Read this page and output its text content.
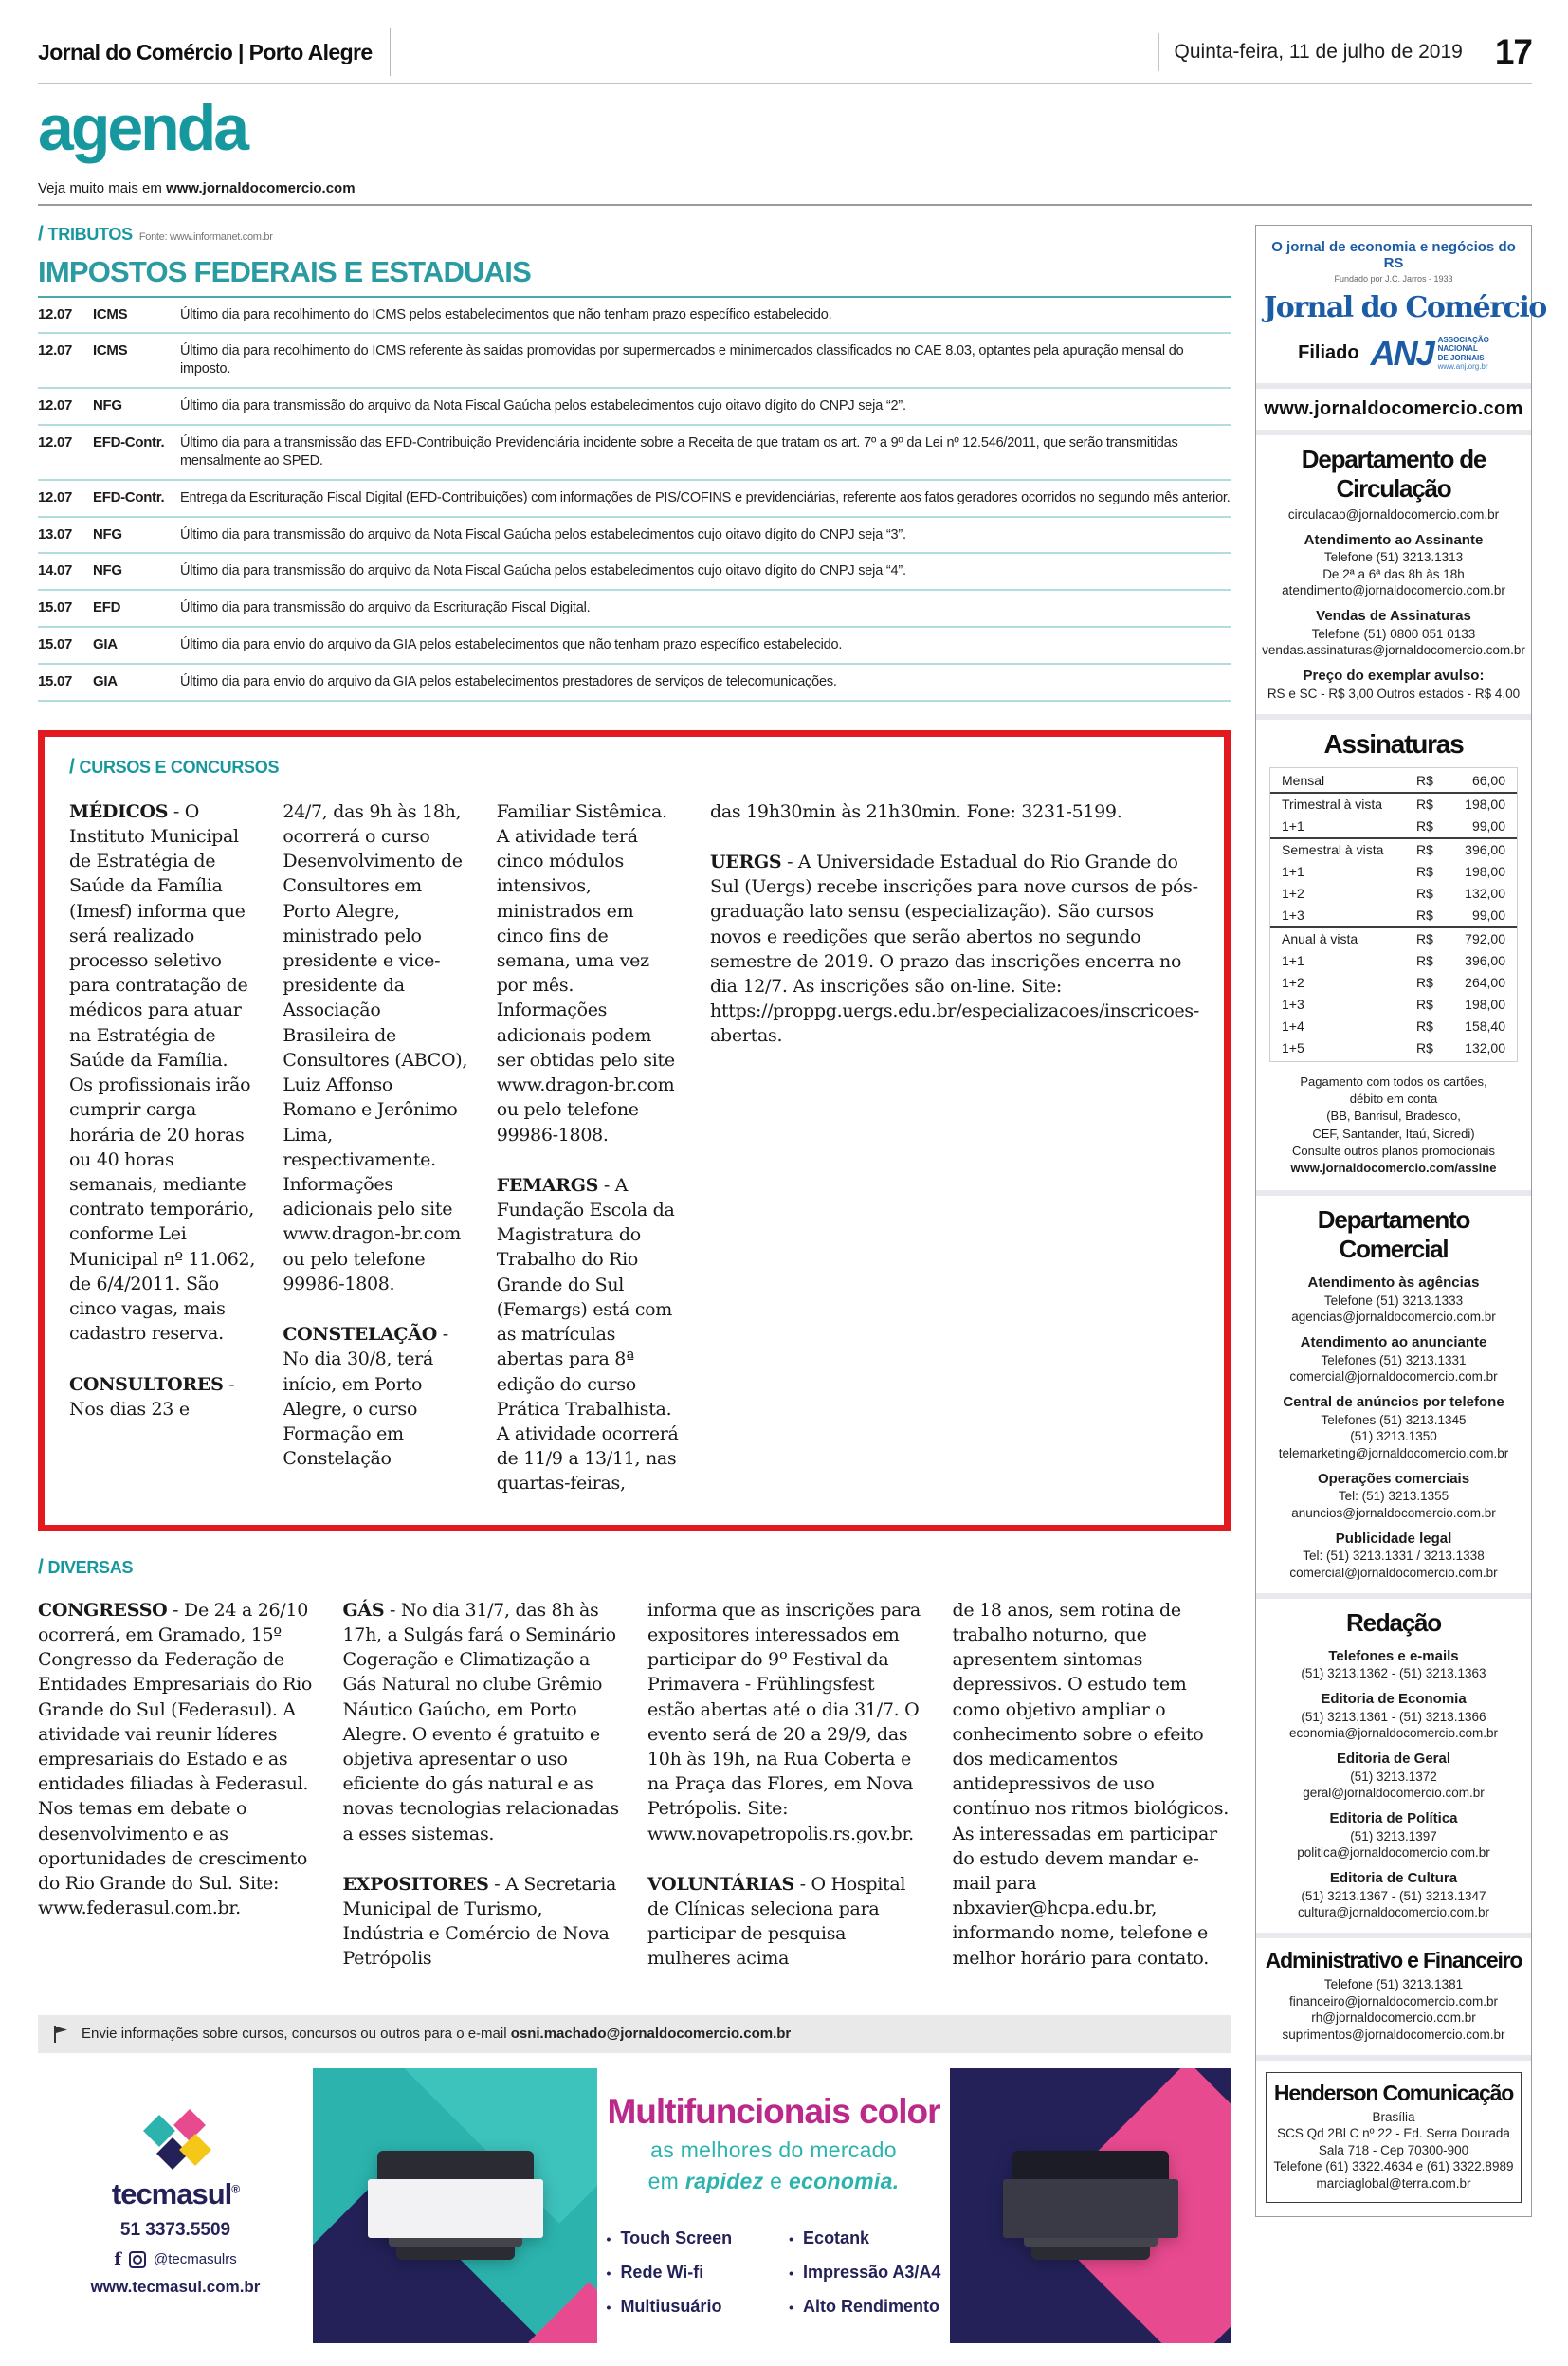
Jornal do Comércio | Porto Alegre	Quinta-feira, 11 de julho de 2019 17
agenda
Veja muito mais em www.jornaldocomercio.com
/ TRIBUTOS Fonte: www.informanet.com.br
IMPOSTOS FEDERAIS E ESTADUAIS
12.07	ICMS	Último dia para recolhimento do ICMS pelos estabelecimentos que não tenham prazo específico estabelecido.
12.07	ICMS	Último dia para recolhimento do ICMS referente às saídas promovidas por supermercados e minimercados classificados no CAE 8.03, optantes pela apuração mensal do imposto.
12.07	NFG	Último dia para transmissão do arquivo da Nota Fiscal Gaúcha pelos estabelecimentos cujo oitavo dígito do CNPJ seja “2”.
12.07	EFD-Contr.	Último dia para a transmissão das EFD-Contribuição Previdenciária incidente sobre a Receita de que tratam os art. 7º a 9º da Lei nº 12.546/2011, que serão transmitidas mensalmente ao SPED.
12.07	EFD-Contr.	Entrega da Escrituração Fiscal Digital (EFD-Contribuições) com informações de PIS/COFINS e previdenciárias, referente aos fatos geradores ocorridos no segundo mês anterior.
13.07	NFG	Último dia para transmissão do arquivo da Nota Fiscal Gaúcha pelos estabelecimentos cujo oitavo dígito do CNPJ seja “3”.
14.07	NFG	Último dia para transmissão do arquivo da Nota Fiscal Gaúcha pelos estabelecimentos cujo oitavo dígito do CNPJ seja “4”.
15.07	EFD	Último dia para transmissão do arquivo da Escrituração Fiscal Digital.
15.07	GIA	Último dia para envio do arquivo da GIA pelos estabelecimentos que não tenham prazo específico estabelecido.
15.07	GIA	Último dia para envio do arquivo da GIA pelos estabelecimentos prestadores de serviços de telecomunicações.
/ CURSOS E CONCURSOS

MÉDICOS - O Instituto Municipal de Estratégia de Saúde da Família (Imesf) informa que será realizado processo seletivo para contratação de médicos para atuar na Estratégia de Saúde da Família. Os profissionais irão cumprir carga horária de 20 horas ou 40 horas semanais, mediante contrato temporário, conforme Lei Municipal nº 11.062, de 6/4/2011. São cinco vagas, mais cadastro reserva.

CONSULTORES - Nos dias 23 e

24/7, das 9h às 18h, ocorrerá o curso Desenvolvimento de Consultores em Porto Alegre, ministrado pelo presidente e vice-presidente da Associação Brasileira de Consultores (ABCO), Luiz Affonso Romano e Jerônimo Lima, respectivamente. Informações adicionais pelo site www.dragon-br.com ou pelo telefone 99986-1808.

CONSTELAÇÃO - No dia 30/8, terá início, em Porto Alegre, o curso Formação em Constelação

Familiar Sistêmica. A atividade terá cinco módulos intensivos, ministrados em cinco fins de semana, uma vez por mês. Informações adicionais podem ser obtidas pelo site www.dragon-br.com ou pelo telefone 99986-1808.

FEMARGS - A Fundação Escola da Magistratura do Trabalho do Rio Grande do Sul (Femargs) está com as matrículas abertas para 8ª edição do curso Prática Trabalhista. A atividade ocorrerá de 11/9 a 13/11, nas quartas-feiras,

das 19h30min às 21h30min. Fone: 3231-5199.

UERGS - A Universidade Estadual do Rio Grande do Sul (Uergs) recebe inscrições para nove cursos de pós-graduação lato sensu (especialização). São cursos novos e reedições que serão abertos no segundo semestre de 2019. O prazo das inscrições encerra no dia 12/7. As inscrições são on-line. Site: https://proppg.uergs.edu.br/especializacoes/inscricoes-abertas.

/ DIVERSAS

CONGRESSO - De 24 a 26/10 ocorrerá, em Gramado, 15º Congresso da Federação de Entidades Empresariais do Rio Grande do Sul (Federasul). A atividade vai reunir líderes empresariais do Estado e as entidades filiadas à Federasul. Nos temas em debate o desenvolvimento e as oportunidades de crescimento do Rio Grande do Sul. Site: www.federasul.com.br.

GÁS - No dia 31/7, das 8h às 17h, a Sulgás fará o Seminário Cogeração e Climatização a Gás Natural no clube Grêmio Náutico Gaúcho, em Porto Alegre. O evento é gratuito e objetiva apresentar o uso eficiente do gás natural e as novas tecnologias relacionadas a esses sistemas.

EXPOSITORES - A Secretaria Municipal de Turismo, Indústria e Comércio de Nova Petrópolis

informa que as inscrições para expositores interessados em participar do 9º Festival da Primavera - Frühlingsfest estão abertas até o dia 31/7. O evento será de 20 a 29/9, das 10h às 19h, na Rua Coberta e na Praça das Flores, em Nova Petrópolis. Site: www.novapetropolis.rs.gov.br.

VOLUNTÁRIAS - O Hospital de Clínicas seleciona para participar de pesquisa mulheres acima

de 18 anos, sem rotina de trabalho noturno, que apresentem sintomas depressivos. O estudo tem como objetivo ampliar o conhecimento sobre o efeito dos medicamentos antidepressivos de uso contínuo nos ritmos biológicos. As interessadas em participar do estudo devem mandar e-mail para nbxavier@hcpa.edu.br, informando nome, telefone e melhor horário para contato.

Envie informações sobre cursos, concursos ou outros para o e-mail osni.machado@jornaldocomercio.com.br
tecmasul®
51 3373.5509
f @tecmasulrs
www.tecmasul.com.br
Multifuncionais color
as melhores do mercado
em rapidez e economia.
• Touch Screen
• Rede Wi-fi
• Multiusuário
• Ecotank
• Impressão A3/A4
• Alto Rendimento
O jornal de economia e negócios do RS
Fundado por J.C. Jarros - 1933
Jornal do Comércio
Filiado ANJ ASSOCIAÇÃO
NACIONAL
DE JORNAIS
www.anj.org.br
www.jornaldocomercio.com
Departamento de Circulação
circulacao@jornaldocomercio.com.br
Atendimento ao Assinante
Telefone (51) 3213.1313
De 2ª a 6ª das 8h às 18h
atendimento@jornaldocomercio.com.br
Vendas de Assinaturas
Telefone (51) 0800 051 0133
vendas.assinaturas@jornaldocomercio.com.br
Preço do exemplar avulso:
RS e SC - R$ 3,00 Outros estados - R$ 4,00
Assinaturas
Mensal	R$	66,00
Trimestral à vista	R$	198,00
1+1	R$	99,00
Semestral à vista	R$	396,00
1+1	R$	198,00
1+2	R$	132,00
1+3	R$	99,00
Anual à vista	R$	792,00
1+1	R$	396,00
1+2	R$	264,00
1+3	R$	198,00
1+4	R$	158,40
1+5	R$	132,00
Pagamento com todos os cartões,
débito em conta
(BB, Banrisul, Bradesco,
CEF, Santander, Itaú, Sicredi)
Consulte outros planos promocionais
www.jornaldocomercio.com/assine
Departamento Comercial
Atendimento às agências
Telefone (51) 3213.1333
agencias@jornaldocomercio.com.br
Atendimento ao anunciante
Telefones (51) 3213.1331
comercial@jornaldocomercio.com.br
Central de anúncios por telefone
Telefones (51) 3213.1345
(51) 3213.1350
telemarketing@jornaldocomercio.com.br
Operações comerciais
Tel: (51) 3213.1355
anuncios@jornaldocomercio.com.br
Publicidade legal
Tel: (51) 3213.1331 / 3213.1338
comercial@jornaldocomercio.com.br
Redação
Telefones e e-mails
(51) 3213.1362 - (51) 3213.1363
Editoria de Economia
(51) 3213.1361 - (51) 3213.1366
economia@jornaldocomercio.com.br
Editoria de Geral
(51) 3213.1372
geral@jornaldocomercio.com.br
Editoria de Política
(51) 3213.1397
politica@jornaldocomercio.com.br
Editoria de Cultura
(51) 3213.1367 - (51) 3213.1347
cultura@jornaldocomercio.com.br
Administrativo e Financeiro
Telefone (51) 3213.1381
financeiro@jornaldocomercio.com.br
rh@jornaldocomercio.com.br
suprimentos@jornaldocomercio.com.br
Henderson Comunicação
Brasília
SCS Qd 2Bl C nº 22 - Ed. Serra Dourada
Sala 718 - Cep 70300-900
Telefone (61) 3322.4634 e (61) 3322.8989
marciaglobal@terra.com.br
